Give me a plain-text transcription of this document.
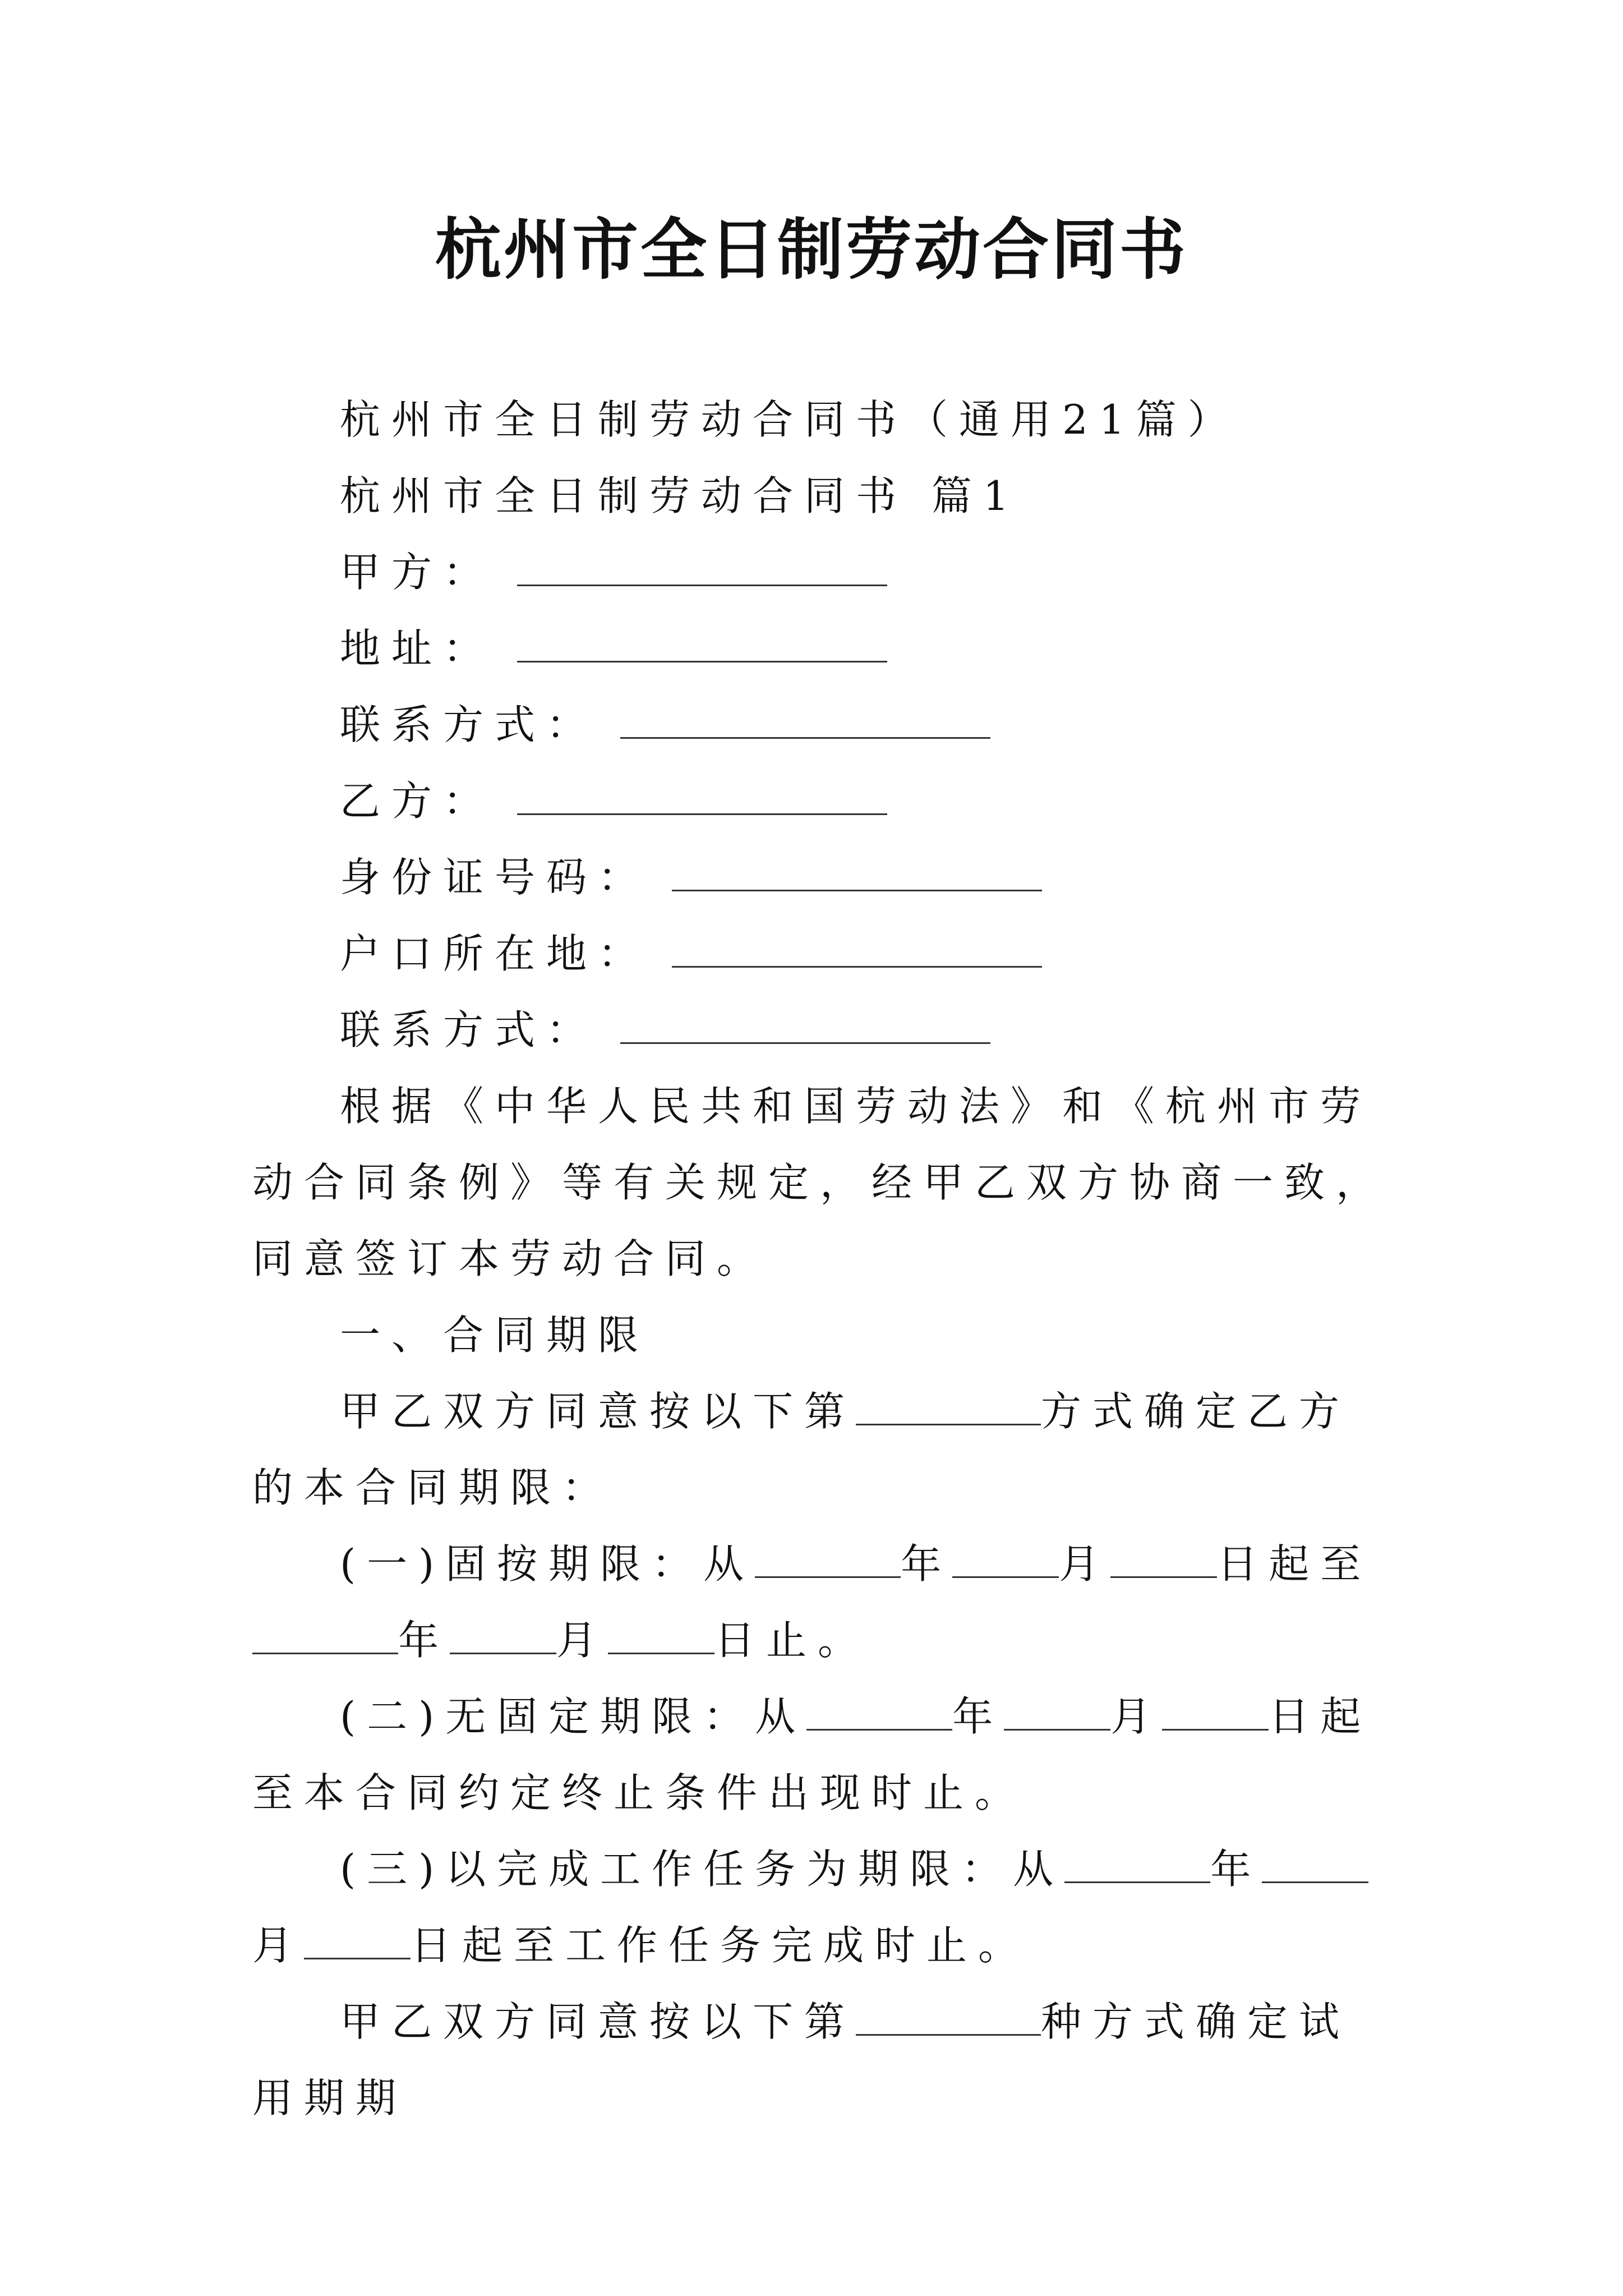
杭州市全日制劳动合同书

杭州市全日制劳动合同书（通用21篇）

杭州市全日制劳动合同书 篇1

甲方：

地址：

联系方式：

乙方：

身份证号码：

户口所在地：

联系方式：

根据《中华人民共和国劳动法》和《杭州市劳动合同条例》等有关规定，经甲乙双方协商一致，同意签订本劳动合同。

一、合同期限

甲乙双方同意按以下第	方式确定乙方的本合同期限：

(一)固按期限：从	年	月	日起至年	月	日止。

(二)无固定期限：从	年	月	日起至本合同约定终止条件出现时止。

(三)以完成工作任务为期限：从	年月	日起至工作任务完成时止。

甲乙双方同意按以下第	种方式确定试用期期
